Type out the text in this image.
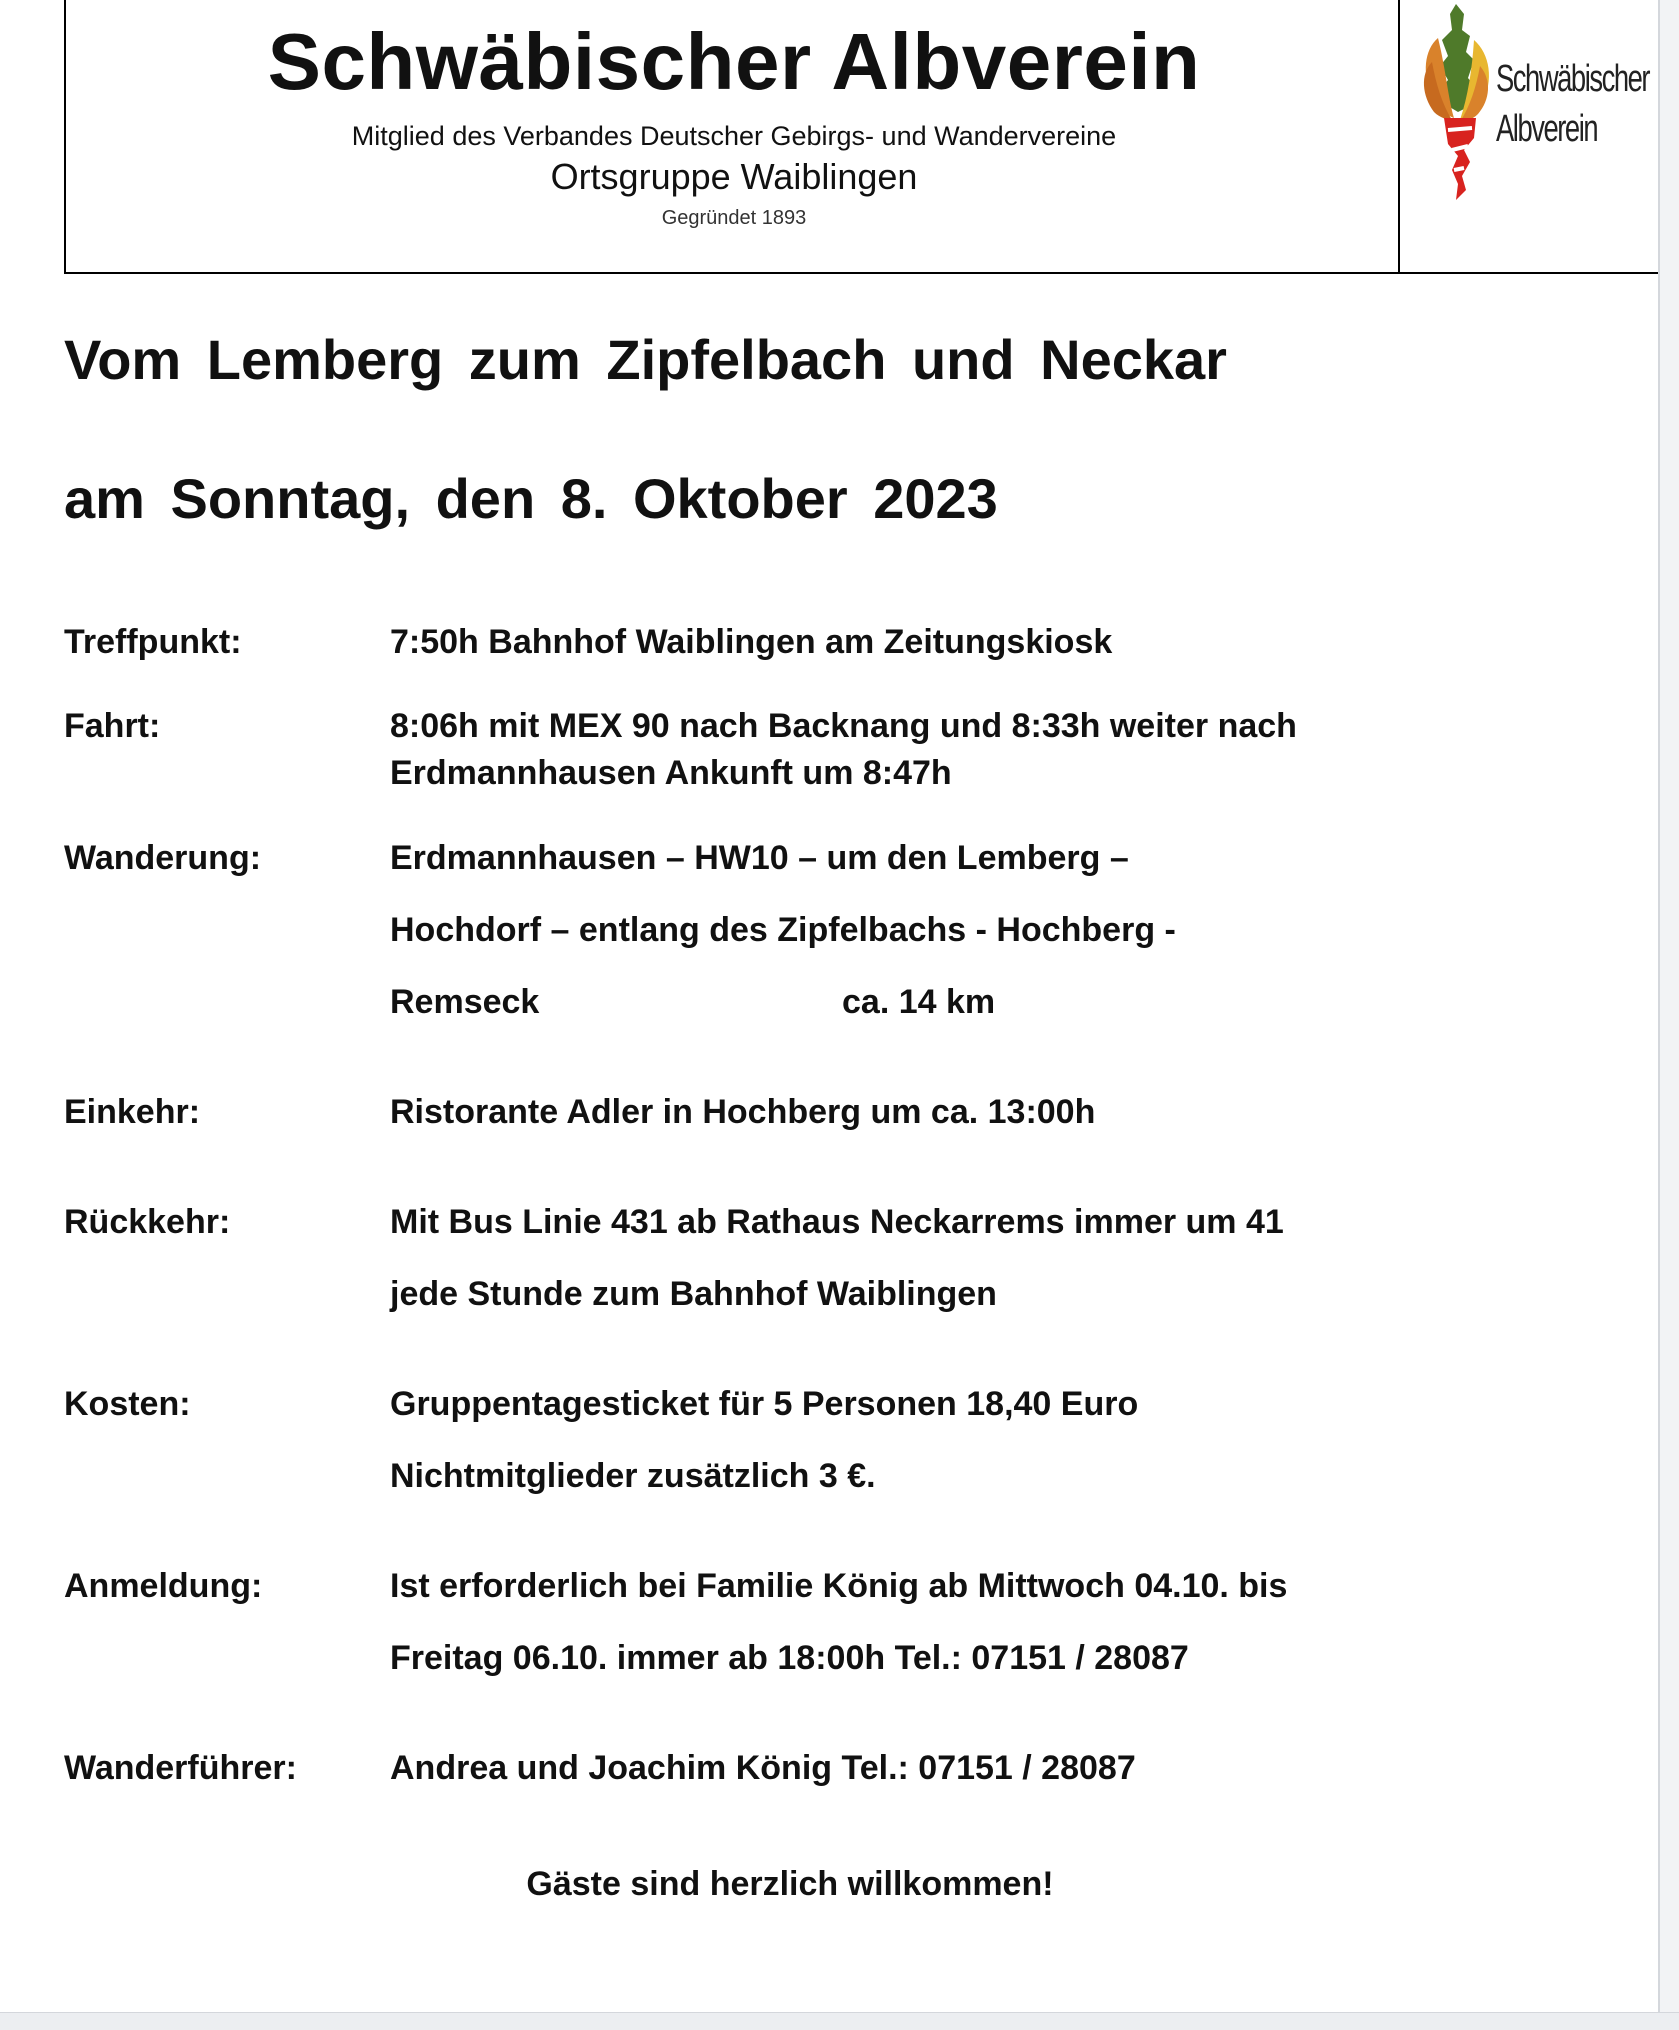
Schwäbischer Albverein
Mitglied des Verbandes Deutscher Gebirgs- und Wandervereine
Ortsgruppe Waiblingen
Gegründet 1893
Schwäbischer
Albverein
Vom Lemberg zum Zipfelbach und Neckar
am Sonntag, den 8. Oktober 2023
Treffpunkt:	7:50h Bahnhof Waiblingen am Zeitungskiosk
Fahrt:	8:06h mit MEX 90 nach Backnang und 8:33h weiter nach
Erdmannhausen Ankunft um 8:47h
Wanderung:	Erdmannhausen – HW10 – um den Lemberg –
Hochdorf – entlang des Zipfelbachs - Hochberg -
Remseck	ca. 14 km
Einkehr:	Ristorante Adler in Hochberg um ca. 13:00h
Rückkehr:	Mit Bus Linie 431 ab Rathaus Neckarrems immer um 41
jede Stunde zum Bahnhof Waiblingen
Kosten:	Gruppentagesticket für 5 Personen 18,40 Euro
Nichtmitglieder zusätzlich 3 €.
Anmeldung:	Ist erforderlich bei Familie König ab Mittwoch 04.10. bis
Freitag 06.10. immer ab 18:00h Tel.: 07151 / 28087
Wanderführer:	Andrea und Joachim König Tel.: 07151 / 28087
Gäste sind herzlich willkommen!
